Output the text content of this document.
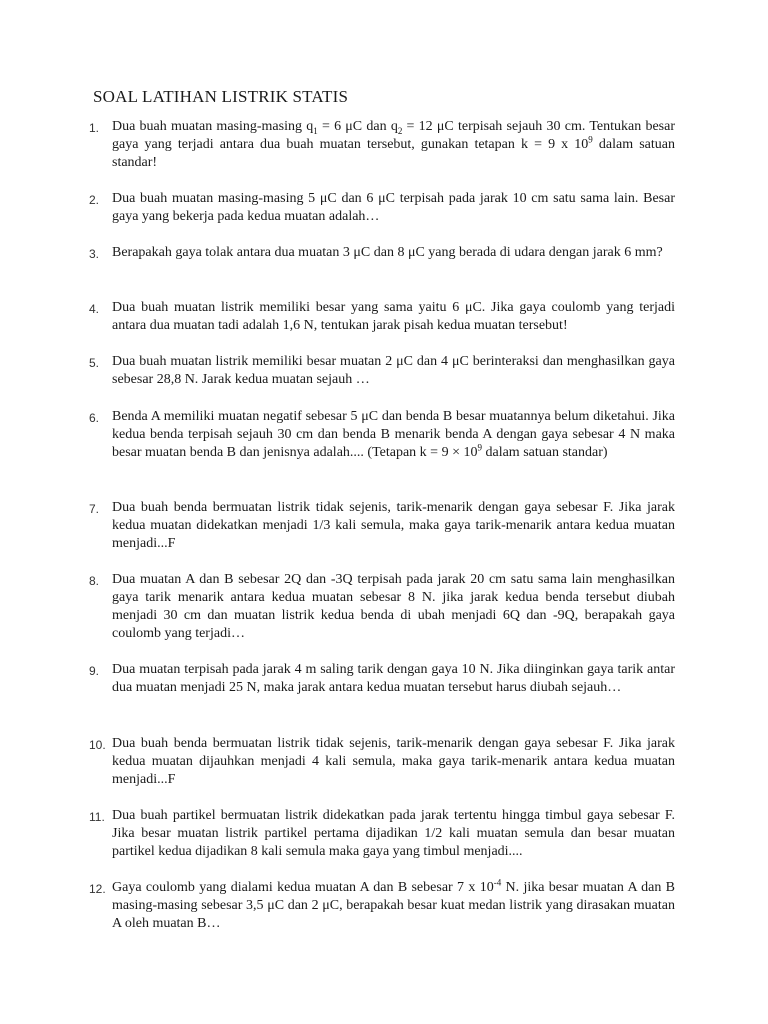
SOAL LATIHAN LISTRIK STATIS
1. Dua buah muatan masing-masing $q_1 = 6$ μC dan $q_2 = 12$ μC terpisah sejauh 30 cm. Tentukan besar gaya yang terjadi antara dua buah muatan tersebut, gunakan tetapan k = 9 x $10^9$ dalam satuan standar!
2. Dua buah muatan masing-masing 5 μC dan 6 μC terpisah pada jarak 10 cm satu sama lain. Besar gaya yang bekerja pada kedua muatan adalah…
3. Berapakah gaya tolak antara dua muatan 3 μC dan 8 μC yang berada di udara dengan jarak 6 mm?
4. Dua buah muatan listrik memiliki besar yang sama yaitu 6 μC. Jika gaya coulomb yang terjadi antara dua muatan tadi adalah 1,6 N, tentukan jarak pisah kedua muatan tersebut!
5. Dua buah muatan listrik memiliki besar muatan 2 μC dan 4 μC berinteraksi dan menghasilkan gaya sebesar 28,8 N. Jarak kedua muatan sejauh …
6. Benda A memiliki muatan negatif sebesar 5 μC dan benda B besar muatannya belum diketahui. Jika kedua benda terpisah sejauh 30 cm dan benda B menarik benda A dengan gaya sebesar 4 N maka besar muatan benda B dan jenisnya adalah.... (Tetapan $k = 9 \times 10^9$ dalam satuan standar)
7. Dua buah benda bermuatan listrik tidak sejenis, tarik-menarik dengan gaya sebesar F. Jika jarak kedua muatan didekatkan menjadi 1/3 kali semula, maka gaya tarik-menarik antara kedua muatan menjadi...F
8. Dua muatan A dan B sebesar 2Q dan -3Q terpisah pada jarak 20 cm satu sama lain menghasilkan gaya tarik menarik antara kedua muatan sebesar 8 N. jika jarak kedua benda tersebut diubah menjadi 30 cm dan muatan listrik kedua benda di ubah menjadi 6Q dan -9Q, berapakah gaya coulomb yang terjadi…
9. Dua muatan terpisah pada jarak 4 m saling tarik dengan gaya 10 N. Jika diinginkan gaya tarik antar dua muatan menjadi 25 N, maka jarak antara kedua muatan tersebut harus diubah sejauh…
10. Dua buah benda bermuatan listrik tidak sejenis, tarik-menarik dengan gaya sebesar F. Jika jarak kedua muatan dijauhkan menjadi 4 kali semula, maka gaya tarik-menarik antara kedua muatan menjadi...F
11. Dua buah partikel bermuatan listrik didekatkan pada jarak tertentu hingga timbul gaya sebesar F. Jika besar muatan listrik partikel pertama dijadikan 1/2 kali muatan semula dan besar muatan partikel kedua dijadikan 8 kali semula maka gaya yang timbul menjadi....
12. Gaya coulomb yang dialami kedua muatan A dan B sebesar 7 x $10^{-4}$ N. jika besar muatan A dan B masing-masing sebesar 3,5 μC dan 2 μC, berapakah besar kuat medan listrik yang dirasakan muatan A oleh muatan B…
